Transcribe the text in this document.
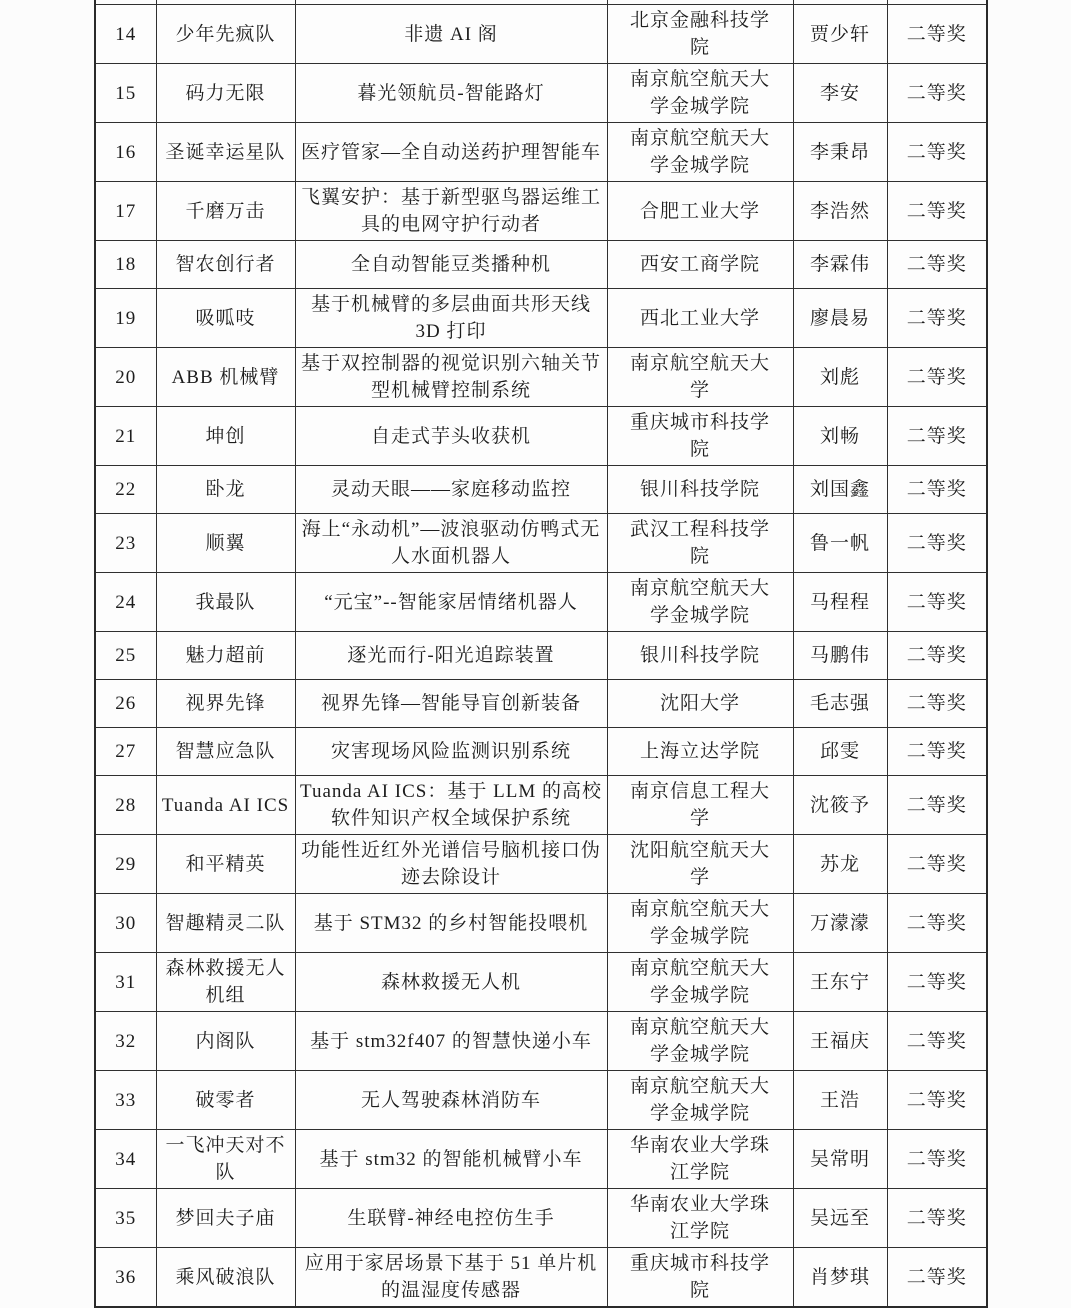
14	少年先疯队	非遗 AI 阁	北京金融科技学院	贾少轩	二等奖
15	码力无限	暮光领航员-智能路灯	南京航空航天大学金城学院	李安	二等奖
16	圣诞幸运星队	医疗管家—全自动送药护理智能车	南京航空航天大学金城学院	李秉昂	二等奖
17	千磨万击	飞翼安护：基于新型驱鸟器运维工具的电网守护行动者	合肥工业大学	李浩然	二等奖
18	智农创行者	全自动智能豆类播种机	西安工商学院	李霖伟	二等奖
19	吸呱吱	基于机械臂的多层曲面共形天线 3D 打印	西北工业大学	廖晨易	二等奖
20	ABB 机械臂	基于双控制器的视觉识别六轴关节型机械臂控制系统	南京航空航天大学	刘彪	二等奖
21	坤创	自走式芋头收获机	重庆城市科技学院	刘畅	二等奖
22	卧龙	灵动天眼——家庭移动监控	银川科技学院	刘国鑫	二等奖
23	顺翼	海上“永动机”—波浪驱动仿鸭式无人水面机器人	武汉工程科技学院	鲁一帆	二等奖
24	我最队	“元宝”--智能家居情绪机器人	南京航空航天大学金城学院	马程程	二等奖
25	魅力超前	逐光而行-阳光追踪装置	银川科技学院	马鹏伟	二等奖
26	视界先锋	视界先锋—智能导盲创新装备	沈阳大学	毛志强	二等奖
27	智慧应急队	灾害现场风险监测识别系统	上海立达学院	邱雯	二等奖
28	Tuanda AI ICS	Tuanda AI ICS：基于 LLM 的高校软件知识产权全域保护系统	南京信息工程大学	沈筱予	二等奖
29	和平精英	功能性近红外光谱信号脑机接口伪迹去除设计	沈阳航空航天大学	苏龙	二等奖
30	智趣精灵二队	基于 STM32 的乡村智能投喂机	南京航空航天大学金城学院	万濛濛	二等奖
31	森林救援无人机组	森林救援无人机	南京航空航天大学金城学院	王东宁	二等奖
32	内阁队	基于 stm32f407 的智慧快递小车	南京航空航天大学金城学院	王福庆	二等奖
33	破零者	无人驾驶森林消防车	南京航空航天大学金城学院	王浩	二等奖
34	一飞冲天对不队	基于 stm32 的智能机械臂小车	华南农业大学珠江学院	吴常明	二等奖
35	梦回夫子庙	生联臂-神经电控仿生手	华南农业大学珠江学院	吴远至	二等奖
36	乘风破浪队	应用于家居场景下基于 51 单片机的温湿度传感器	重庆城市科技学院	肖梦琪	二等奖
